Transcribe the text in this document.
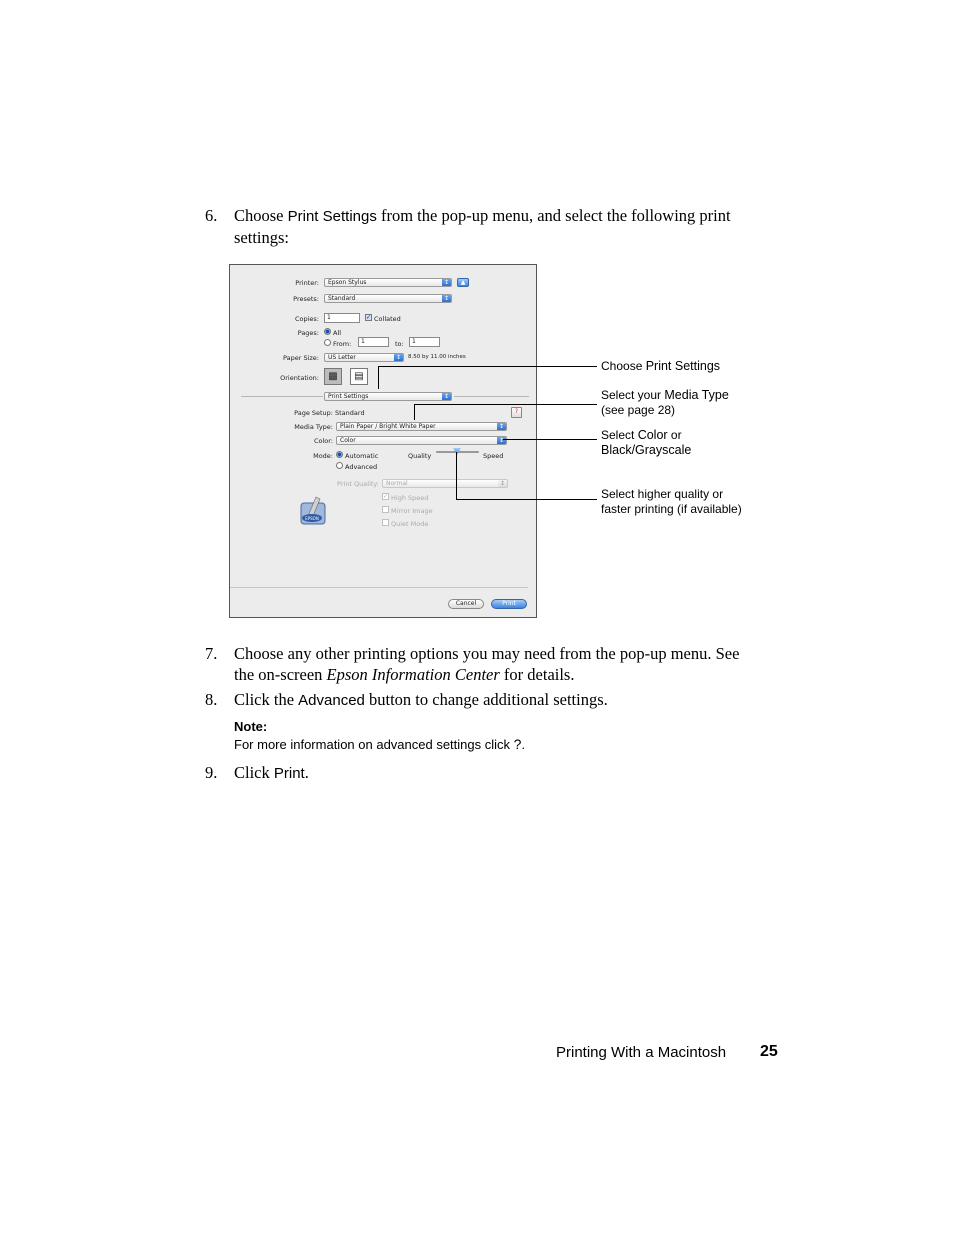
6. Choose Print Settings from the pop-up menu, and select the following print
settings:
Printer:	Epson Stylus ↕	▲
Presets:	Standard
↕
Copies:	1	✓ Collated
Pages: All
From:	1	to:	1
Paper Size:	US Letter ↕	8.50 by 11.00 inches
Orientation: ▩	▤
Print Settings
↕
Page Setup: Standard	?
Media Type:	Plain Paper / Bright White Paper
↕
Color:	Color
↕
Mode: Automatic
Advanced
Quality	Speed
Print Quality:	Normal
↕
✓ High Speed
Mirror Image
Quiet Mode
EPSON
Cancel	Print
Choose Print Settings
Select your Media Type
(see page 28)
Select Color or
Black/Grayscale
Select higher quality or
faster printing (if available)
7. Choose any other printing options you may need from the pop-up menu. See
the on-screen Epson Information Center for details.
8. Click the Advanced button to change additional settings.
Note:
For more information on advanced settings click ?.
9. Click Print.
Printing With a Macintosh 25
